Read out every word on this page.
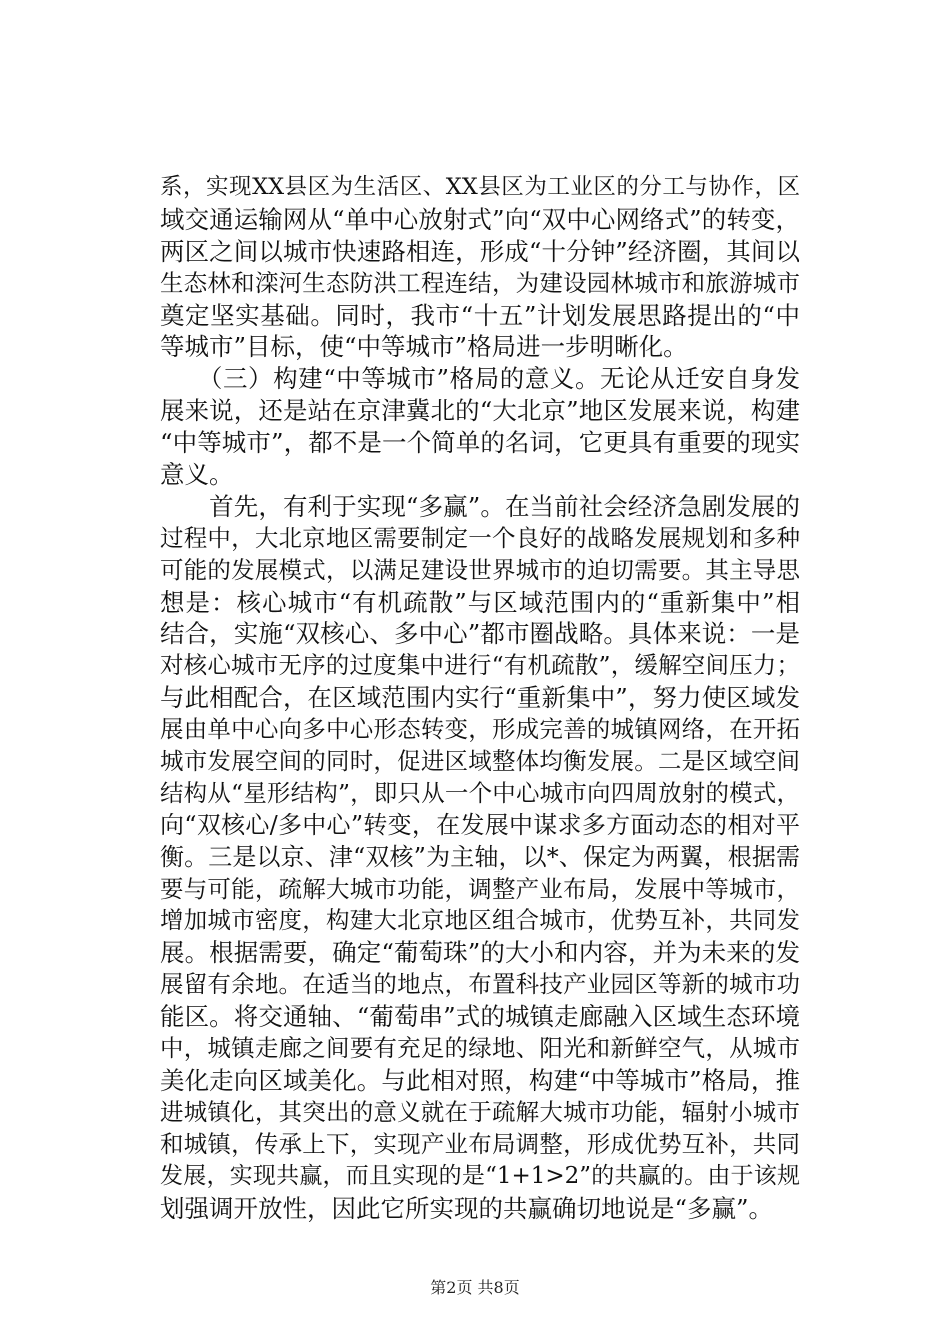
系，实现XX县区为生活区、XX县区为工业区的分工与协作，区
域交通运输网从“单中心放射式”向“双中心网络式”的转变，
两区之间以城市快速路相连，形成“十分钟”经济圈，其间以
生态林和滦河生态防洪工程连结，为建设园林城市和旅游城市
奠定坚实基础。同时，我市“十五”计划发展思路提出的“中
等城市”目标，使“中等城市”格局进一步明晰化。
　　（三）构建“中等城市”格局的意义。无论从迁安自身发
展来说，还是站在京津冀北的“大北京”地区发展来说，构建
“中等城市”，都不是一个简单的名词，它更具有重要的现实
意义。
　　首先，有利于实现“多赢”。在当前社会经济急剧发展的
过程中，大北京地区需要制定一个良好的战略发展规划和多种
可能的发展模式，以满足建设世界城市的迫切需要。其主导思
想是：核心城市“有机疏散”与区域范围内的“重新集中”相
结合，实施“双核心、多中心”都市圈战略。具体来说：一是
对核心城市无序的过度集中进行“有机疏散”，缓解空间压力；
与此相配合，在区域范围内实行“重新集中”，努力使区域发
展由单中心向多中心形态转变，形成完善的城镇网络，在开拓
城市发展空间的同时，促进区域整体均衡发展。二是区域空间
结构从“星形结构”，即只从一个中心城市向四周放射的模式，
向“双核心/多中心”转变，在发展中谋求多方面动态的相对平
衡。三是以京、津“双核”为主轴，以*、保定为两翼，根据需
要与可能，疏解大城市功能，调整产业布局，发展中等城市，
增加城市密度，构建大北京地区组合城市，优势互补，共同发
展。根据需要，确定“葡萄珠”的大小和内容，并为未来的发
展留有余地。在适当的地点，布置科技产业园区等新的城市功
能区。将交通轴、“葡萄串”式的城镇走廊融入区域生态环境
中，城镇走廊之间要有充足的绿地、阳光和新鲜空气，从城市
美化走向区域美化。与此相对照，构建“中等城市”格局，推
进城镇化，其突出的意义就在于疏解大城市功能，辐射小城市
和城镇，传承上下，实现产业布局调整，形成优势互补，共同
发展，实现共赢，而且实现的是“1+1>2”的共赢的。由于该规
划强调开放性，因此它所实现的共赢确切地说是“多赢”。
第2页 共8页
